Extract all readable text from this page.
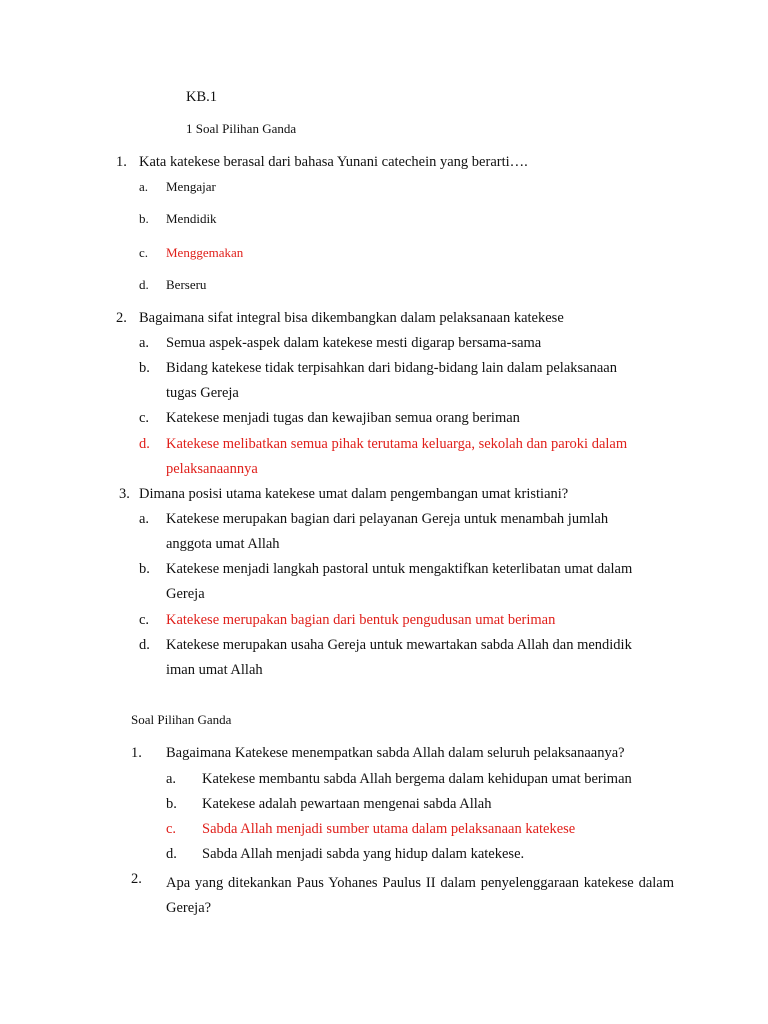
KB.1
1 Soal Pilihan Ganda
1. Kata katekese berasal dari bahasa Yunani catechein yang berarti….
a. Mengajar
b. Mendidik
c. Menggemakan
d. Berseru
2. Bagaimana sifat integral bisa dikembangkan dalam pelaksanaan katekese
a. Semua aspek-aspek dalam katekese mesti digarap bersama-sama
b. Bidang katekese tidak terpisahkan dari bidang-bidang lain dalam pelaksanaan
tugas Gereja
c. Katekese menjadi tugas dan kewajiban semua orang beriman
d. Katekese melibatkan semua pihak terutama keluarga, sekolah dan paroki dalam
pelaksanaannya
3. Dimana posisi utama katekese umat dalam pengembangan umat kristiani?
a. Katekese merupakan bagian dari pelayanan Gereja untuk menambah jumlah
anggota umat Allah
b. Katekese menjadi langkah pastoral untuk mengaktifkan keterlibatan umat dalam
Gereja
c. Katekese merupakan bagian dari bentuk pengudusan umat beriman
d. Katekese merupakan usaha Gereja untuk mewartakan sabda Allah dan mendidik
iman umat Allah
Soal Pilihan Ganda
1. Bagaimana Katekese menempatkan sabda Allah dalam seluruh pelaksanaanya?
a. Katekese membantu sabda Allah bergema dalam kehidupan umat beriman
b. Katekese adalah pewartaan mengenai sabda Allah
c. Sabda Allah menjadi sumber utama dalam pelaksanaan katekese
d. Sabda Allah menjadi sabda yang hidup dalam katekese.
2. Apa yang ditekankan Paus Yohanes Paulus II dalam penyelenggaraan katekese dalam Gereja?
